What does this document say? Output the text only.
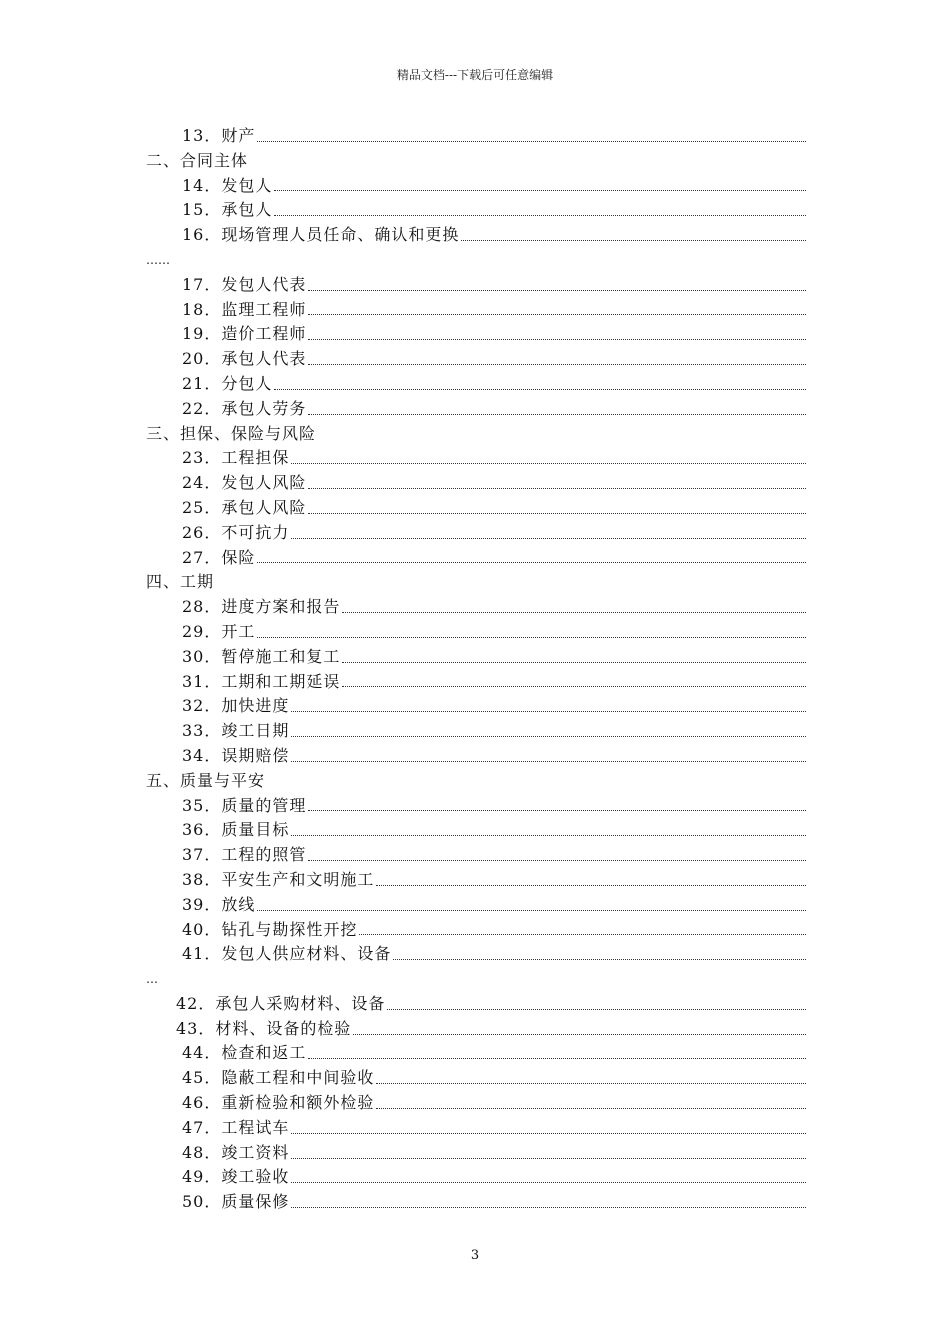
精品文档---下载后可任意编辑
13．财产
二、合同主体
14．发包人
15．承包人
16．现场管理人员任命、确认和更换
……
17．发包人代表
18．监理工程师
19．造价工程师
20．承包人代表
21．分包人
22．承包人劳务
三、担保、保险与风险
23．工程担保
24．发包人风险
25．承包人风险
26．不可抗力
27．保险
四、工期
28．进度方案和报告
29．开工
30．暂停施工和复工
31．工期和工期延误
32．加快进度
33．竣工日期
34．误期赔偿
五、质量与平安
35．质量的管理
36．质量目标
37．工程的照管
38．平安生产和文明施工
39．放线
40．钻孔与勘探性开挖
41．发包人供应材料、设备
…
42．承包人采购材料、设备
43．材料、设备的检验
44．检查和返工
45．隐蔽工程和中间验收
46．重新检验和额外检验
47．工程试车
48．竣工资料
49．竣工验收
50．质量保修
3
